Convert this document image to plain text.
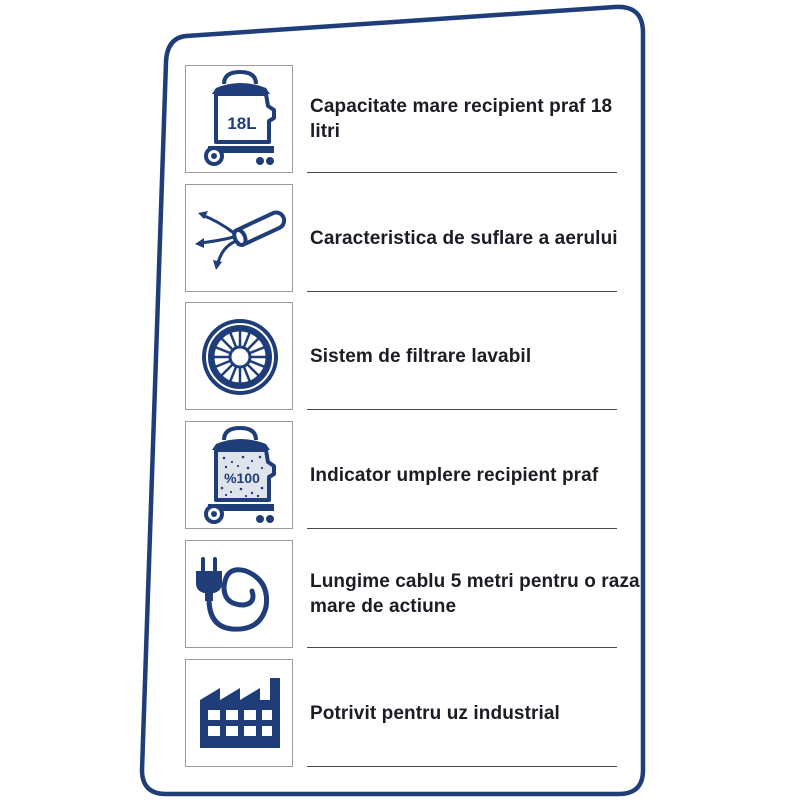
18L
Capacitate mare recipient praf 18 litri
Caracteristica de suflare a aerului
Sistem de filtrare lavabil
%100	Indicator umplere recipient praf
Lungime cablu 5 metri pentru o raza mare de actiune
Potrivit pentru uz industrial
